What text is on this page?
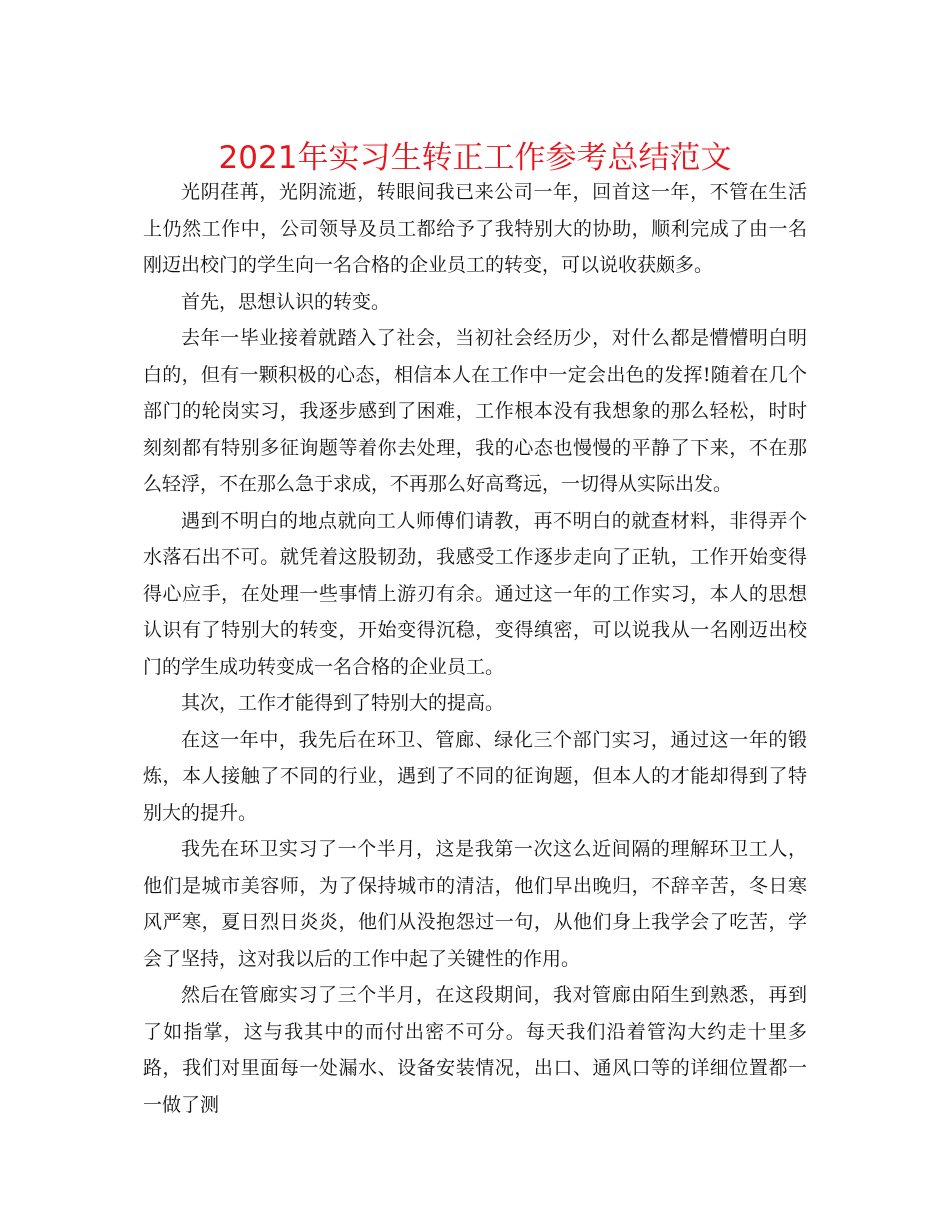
2021年实习生转正工作参考总结范文

光阴荏苒，光阴流逝，转眼间我已来公司一年，回首这一年，不管在生活上仍然工作中，公司领导及员工都给予了我特别大的协助，顺利完成了由一名刚迈出校门的学生向一名合格的企业员工的转变，可以说收获颇多。

首先，思想认识的转变。

去年一毕业接着就踏入了社会，当初社会经历少，对什么都是懵懵明白明白的，但有一颗积极的心态，相信本人在工作中一定会出色的发挥!随着在几个部门的轮岗实习，我逐步感到了困难，工作根本没有我想象的那么轻松，时时刻刻都有特别多征询题等着你去处理，我的心态也慢慢的平静了下来，不在那么轻浮，不在那么急于求成，不再那么好高骛远，一切得从实际出发。

遇到不明白的地点就向工人师傅们请教，再不明白的就查材料，非得弄个水落石出不可。就凭着这股韧劲，我感受工作逐步走向了正轨，工作开始变得得心应手，在处理一些事情上游刃有余。通过这一年的工作实习，本人的思想认识有了特别大的转变，开始变得沉稳，变得缜密，可以说我从一名刚迈出校门的学生成功转变成一名合格的企业员工。

其次，工作才能得到了特别大的提高。

在这一年中，我先后在环卫、管廊、绿化三个部门实习，通过这一年的锻炼，本人接触了不同的行业，遇到了不同的征询题，但本人的才能却得到了特别大的提升。

我先在环卫实习了一个半月，这是我第一次这么近间隔的理解环卫工人，他们是城市美容师，为了保持城市的清洁，他们早出晚归，不辞辛苦，冬日寒风严寒，夏日烈日炎炎，他们从没抱怨过一句，从他们身上我学会了吃苦，学会了坚持，这对我以后的工作中起了关键性的作用。

然后在管廊实习了三个半月，在这段期间，我对管廊由陌生到熟悉，再到了如指掌，这与我其中的而付出密不可分。每天我们沿着管沟大约走十里多路，我们对里面每一处漏水、设备安装情况，出口、通风口等的详细位置都一一做了测
